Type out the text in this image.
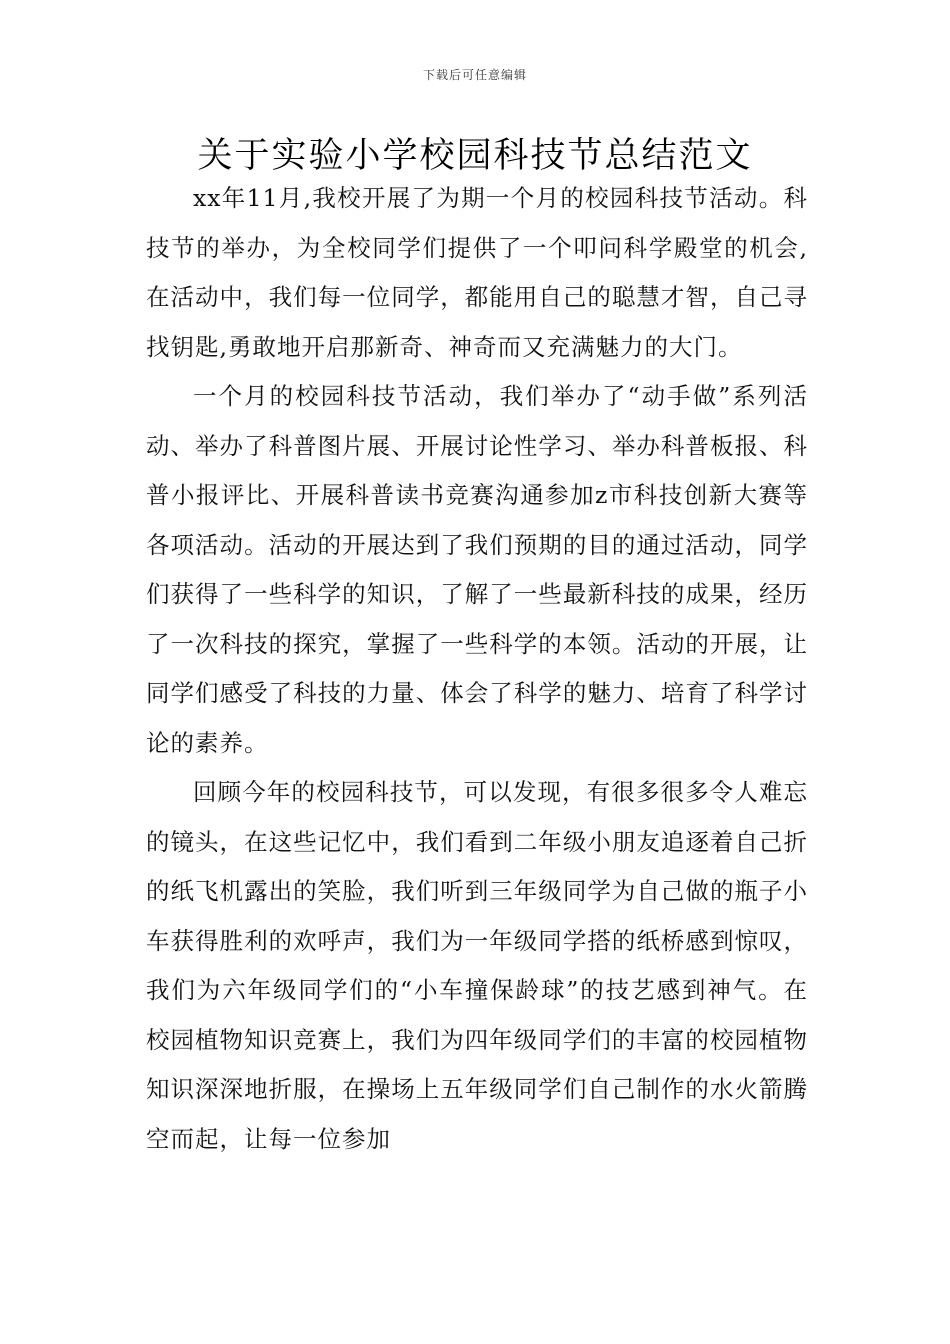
下载后可任意编辑
关于实验小学校园科技节总结范文

xx年11月,我校开展了为期一个月的校园科技节活动。科技节的举办，为全校同学们提供了一个叩问科学殿堂的机会,在活动中，我们每一位同学，都能用自己的聪慧才智，自己寻找钥匙,勇敢地开启那新奇、神奇而又充满魅力的大门。

一个月的校园科技节活动，我们举办了“动手做”系列活动、举办了科普图片展、开展讨论性学习、举办科普板报、科普小报评比、开展科普读书竞赛沟通参加z市科技创新大赛等各项活动。活动的开展达到了我们预期的目的通过活动，同学们获得了一些科学的知识，了解了一些最新科技的成果，经历了一次科技的探究，掌握了一些科学的本领。活动的开展，让同学们感受了科技的力量、体会了科学的魅力、培育了科学讨论的素养。

回顾今年的校园科技节，可以发现，有很多很多令人难忘的镜头，在这些记忆中，我们看到二年级小朋友追逐着自己折的纸飞机露出的笑脸，我们听到三年级同学为自己做的瓶子小车获得胜利的欢呼声，我们为一年级同学搭的纸桥感到惊叹，我们为六年级同学们的“小车撞保龄球”的技艺感到神气。在校园植物知识竞赛上，我们为四年级同学们的丰富的校园植物知识深深地折服，在操场上五年级同学们自己制作的水火箭腾空而起，让每一位参加
